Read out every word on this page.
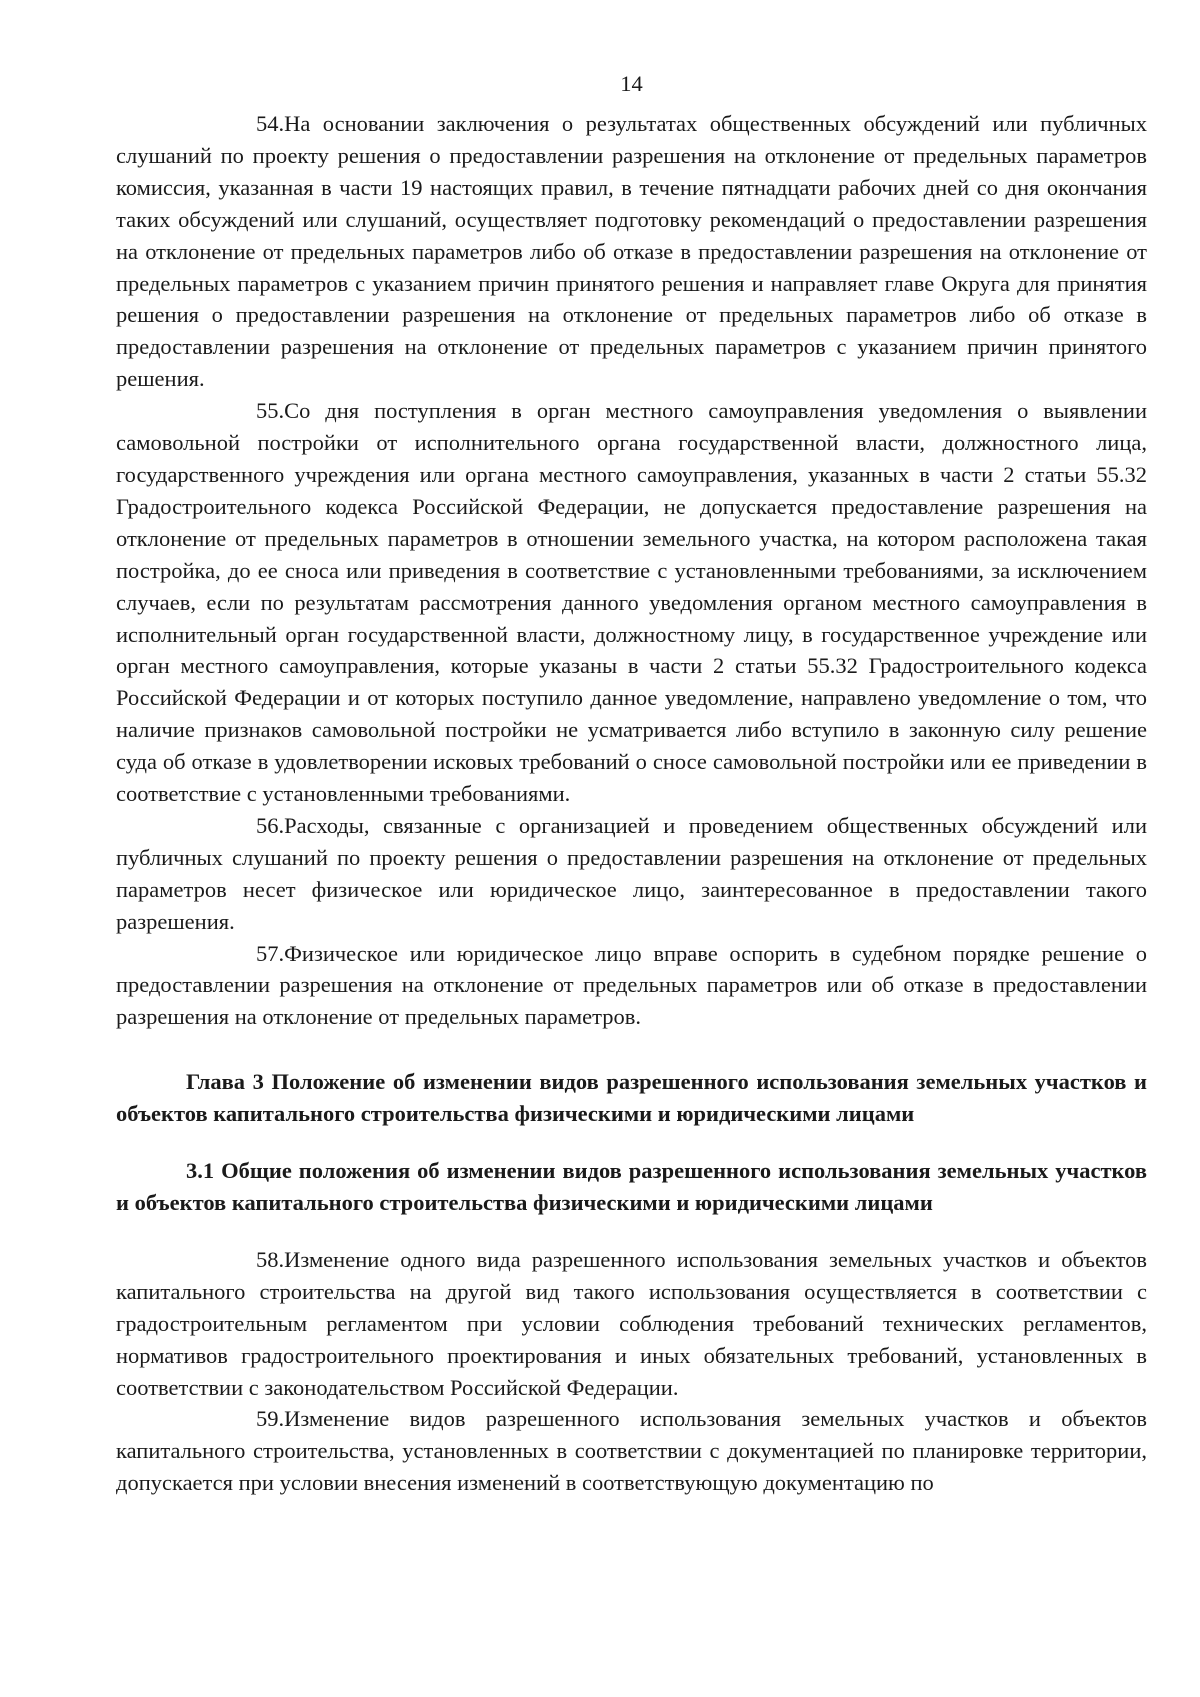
14

54.На основании заключения о результатах общественных обсуждений или публичных слушаний по проекту решения о предоставлении разрешения на отклонение от предельных параметров комиссия, указанная в части 19 настоящих правил, в течение пятнадцати рабочих дней со дня окончания таких обсуждений или слушаний, осуществляет подготовку рекомендаций о предоставлении разрешения на отклонение от предельных параметров либо об отказе в предоставлении разрешения на отклонение от предельных параметров с указанием причин принятого решения и направляет главе Округа для принятия решения о предоставлении разрешения на отклонение от предельных параметров либо об отказе в предоставлении разрешения на отклонение от предельных параметров с указанием причин принятого решения.

55.Со дня поступления в орган местного самоуправления уведомления о выявлении самовольной постройки от исполнительного органа государственной власти, должностного лица, государственного учреждения или органа местного самоуправления, указанных в части 2 статьи 55.32 Градостроительного кодекса Российской Федерации, не допускается предоставление разрешения на отклонение от предельных параметров в отношении земельного участка, на котором расположена такая постройка, до ее сноса или приведения в соответствие с установленными требованиями, за исключением случаев, если по результатам рассмотрения данного уведомления органом местного самоуправления в исполнительный орган государственной власти, должностному лицу, в государственное учреждение или орган местного самоуправления, которые указаны в части 2 статьи 55.32 Градостроительного кодекса Российской Федерации и от которых поступило данное уведомление, направлено уведомление о том, что наличие признаков самовольной постройки не усматривается либо вступило в законную силу решение суда об отказе в удовлетворении исковых требований о сносе самовольной постройки или ее приведении в соответствие с установленными требованиями.

56.Расходы, связанные с организацией и проведением общественных обсуждений или публичных слушаний по проекту решения о предоставлении разрешения на отклонение от предельных параметров несет физическое или юридическое лицо, заинтересованное в предоставлении такого разрешения.

57.Физическое или юридическое лицо вправе оспорить в судебном порядке решение о предоставлении разрешения на отклонение от предельных параметров или об отказе в предоставлении разрешения на отклонение от предельных параметров.

Глава 3 Положение об изменении видов разрешенного использования земельных участков и объектов капитального строительства физическими и юридическими лицами

3.1 Общие положения об изменении видов разрешенного использования земельных участков и объектов капитального строительства физическими и юридическими лицами

58.Изменение одного вида разрешенного использования земельных участков и объектов капитального строительства на другой вид такого использования осуществляется в соответствии с градостроительным регламентом при условии соблюдения требований технических регламентов, нормативов градостроительного проектирования и иных обязательных требований, установленных в соответствии с законодательством Российской Федерации.

59.Изменение видов разрешенного использования земельных участков и объектов капитального строительства, установленных в соответствии с документацией по планировке территории, допускается при условии внесения изменений в соответствующую документацию по
